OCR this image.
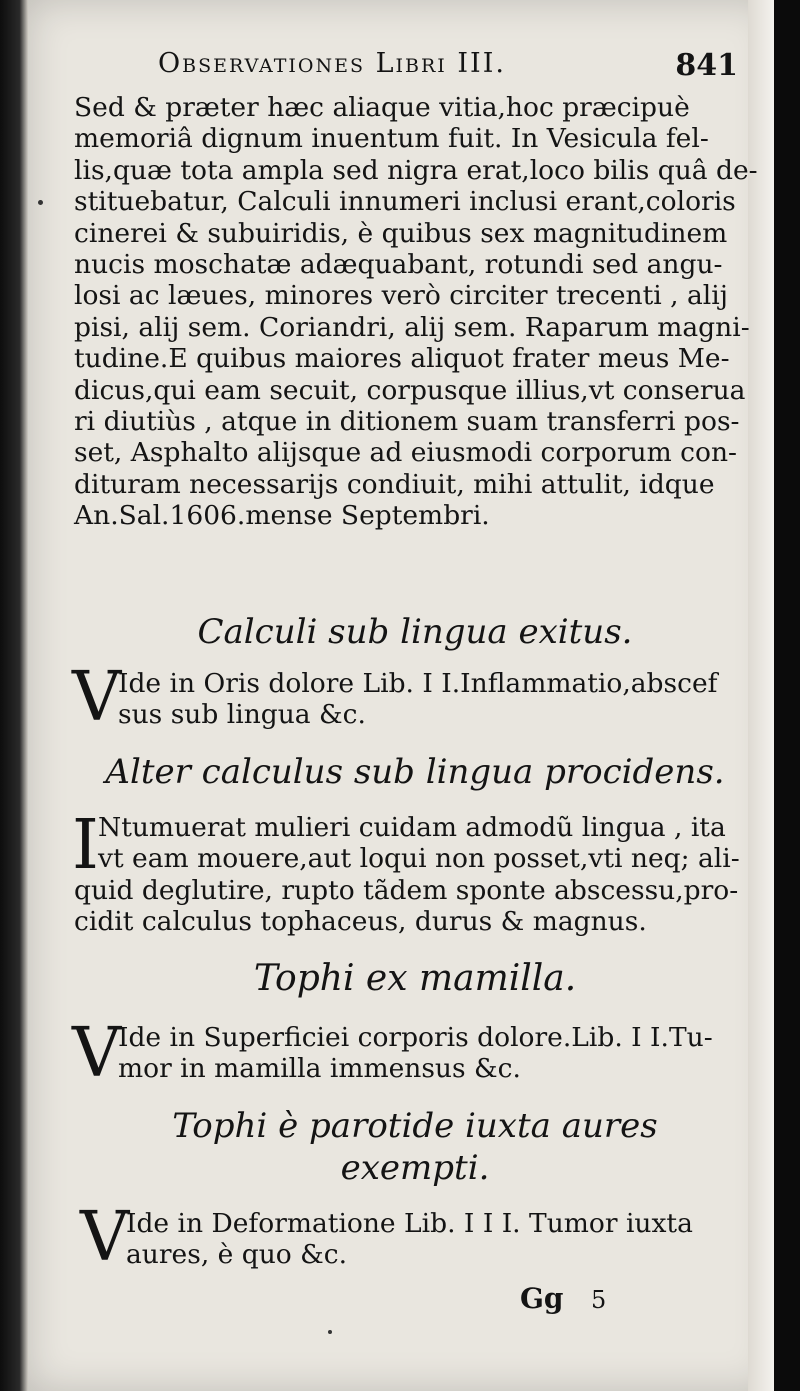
Observationes Libri III.	841
Sed & præter hæc aliaque vitia,hoc præcipuè
memoriâ dignum inuentum fuit. In Vesicula fel-
lis,quæ tota ampla sed nigra erat,loco bilis quâ de-
stituebatur, Calculi innumeri inclusi erant,coloris
cinerei & subuiridis, è quibus sex magnitudinem
nucis moschatæ adæquabant, rotundi sed angu-
losi ac læues, minores verò circiter trecenti , alij
pisi, alij sem. Coriandri, alij sem. Raparum magni-
tudine.E quibus maiores aliquot frater meus Me-
dicus,qui eam secuit, corpusque illius,vt conserua
ri diutiùs , atque in ditionem suam transferri pos-
set, Asphalto alijsque ad eiusmodi corporum con-
dituram necessarijs condiuit, mihi attulit, idque
An.Sal.1606.mense Septembri.
Calculi sub lingua exitus.
V
Ide in Oris dolore Lib. I I.Inflammatio,abscef
sus sub lingua &c.
Alter calculus sub lingua procidens.
I Ntumuerat mulieri cuidam admodũ lingua , ita
vt eam mouere,aut loqui non posset,vti neq; ali-
quid deglutire, rupto tãdem sponte abscessu,pro-
cidit calculus tophaceus, durus & magnus.
Tophi ex mamilla.
V
Ide in Superficiei corporis dolore.Lib. I I.Tu-
mor in mamilla immensus &c.
Tophi è parotide iuxta aures
exempti.
V
Ide in Deformatione Lib. I I I. Tumor iuxta
aures, è quo &c.
Gg 5
